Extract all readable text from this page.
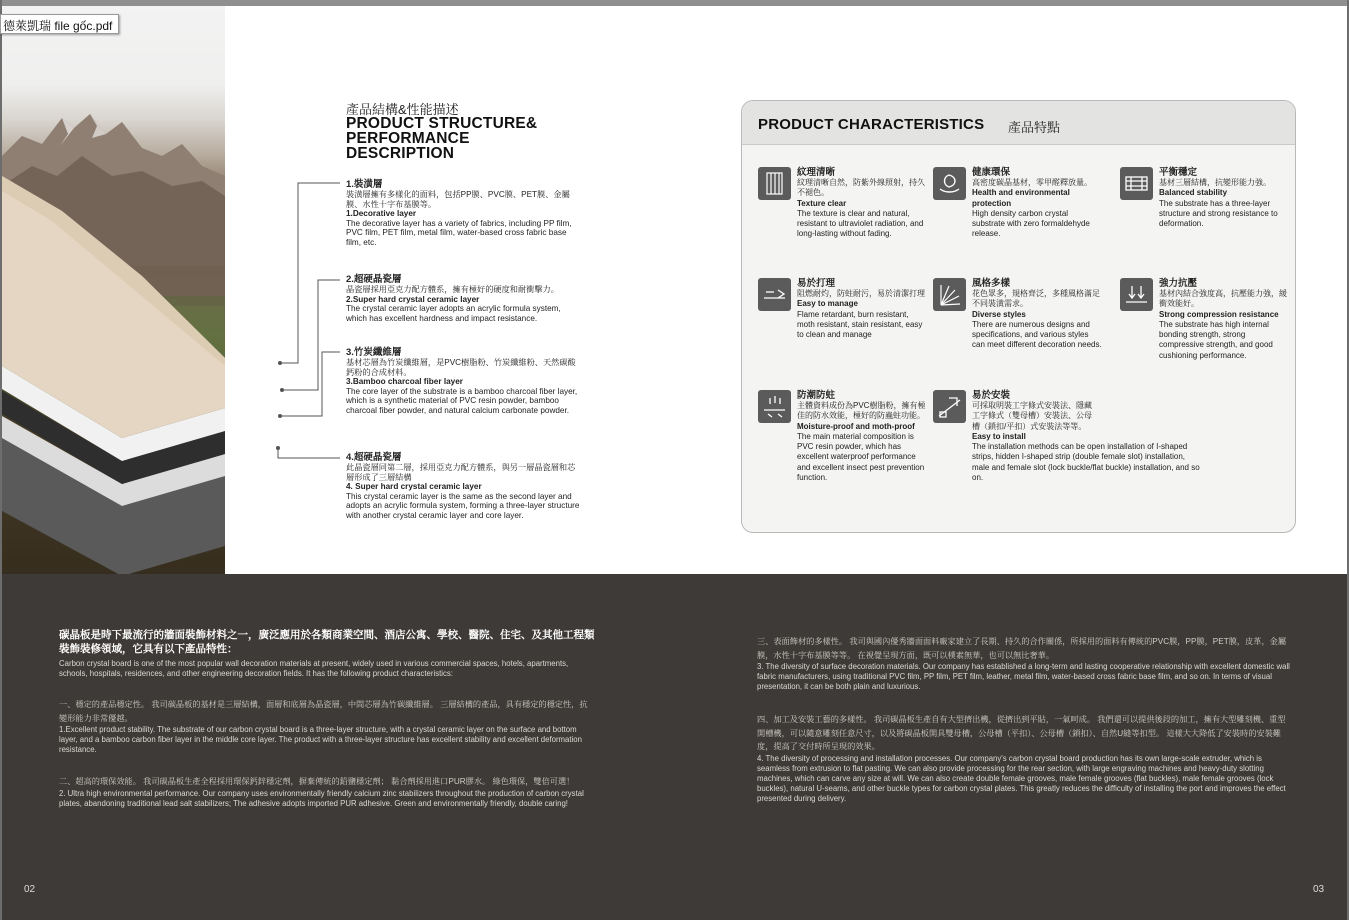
德萊凱瑞 file gốc.pdf
產品結構&性能描述
PRODUCT STRUCTURE& PERFORMANCE DESCRIPTION
1.裝潢層
裝潢層擁有多樣化的面料，包括PP膜、PVC膜、PET膜、金屬膜、水性十字布基膜等。
1.Decorative layer
The decorative layer has a variety of fabrics, including PP film, PVC film, PET film, metal film, water-based cross fabric base film, etc.
2.超硬晶瓷層
晶瓷層採用亞克力配方體系，擁有極好的硬度和耐衝擊力。
2.Super hard crystal ceramic layer
The crystal ceramic layer adopts an acrylic formula system, which has excellent hardness and impact resistance.
3.竹炭纖維層
基材芯層為竹炭纖維層，是PVC樹脂粉、竹炭纖維粉、天然碳酸鈣粉的合成材料。
3.Bamboo charcoal fiber layer
The core layer of the substrate is a bamboo charcoal fiber layer, which is a synthetic material of PVC resin powder, bamboo charcoal fiber powder, and natural calcium carbonate powder.
4.超硬晶瓷層
此晶瓷層同第二層，採用亞克力配方體系，與另一層晶瓷層和芯層形成了三層結構
4. Super hard crystal ceramic layer
This crystal ceramic layer is the same as the second layer and adopts an acrylic formula system, forming a three-layer structure with another crystal ceramic layer and core layer.
PRODUCT CHARACTERISTICS 產品特點
紋理清晰
紋理清晰自然，防紫外線照射，持久不褪色。
Texture clear
The texture is clear and natural, resistant to ultraviolet radiation, and long-lasting without fading.
健康環保
高密度碳晶基材，零甲醛釋放量。
Health and environmental protection
High density carbon crystal substrate with zero formaldehyde release.
平衡穩定
基材三層結構，抗變形能力強。
Balanced stability
The substrate has a three-layer structure and strong resistance to deformation.
易於打理
阻燃耐灼，防蛀耐污，易於清潔打理
Easy to manage
Flame retardant, burn resistant, moth resistant, stain resistant, easy to clean and manage
風格多樣
花色眾多，規格齊泛，多種風格滿足不同裝潢需求。
Diverse styles
There are numerous designs and specifications, and various styles can meet different decoration needs.
強力抗壓
基材內結合強度高，抗壓能力強，緩衝效能好。
Strong compression resistance
The substrate has high internal bonding strength, strong compressive strength, and good cushioning performance.
防潮防蛀
主體資料成份為PVC樹脂粉，擁有極佳的防水效能，極好的防蟲蛀功能。
Moisture-proof and moth-proof
The main material composition is PVC resin powder, which has excellent waterproof performance and excellent insect pest prevention function.
易於安裝
可採取明裝工字條式安裝法、隱藏工字條式（雙母槽）安裝法、公母槽（鎖扣/平扣）式安裝法等等。
Easy to install
The installation methods can be open installation of I-shaped strips, hidden I-shaped strip (double female slot) installation, male and female slot (lock buckle/flat buckle) installation, and so on.
碳晶板是時下最流行的牆面裝飾材料之一，廣泛應用於各類商業空間、酒店公寓、學校、醫院、住宅、及其他工程類裝飾裝修領域，它具有以下產品特性：
Carbon crystal board is one of the most popular wall decoration materials at present, widely used in various commercial spaces, hotels, apartments, schools, hospitals, residences, and other engineering decoration fields. It has the following product characteristics:
一、穩定的產品穩定性。 我司碳晶板的基材是三層結構，面層和底層為晶瓷層，中間芯層為竹碳纖維層。 三層結構的產品，具有穩定的穩定性，抗變形能力非常優越。
1.Excellent product stability. The substrate of our carbon crystal board is a three-layer structure, with a crystal ceramic layer on the surface and bottom layer, and a bamboo carbon fiber layer in the middle core layer. The product with a three-layer structure has excellent stability and excellent deformation resistance.
二、超高的環保效能。 我司碳晶板生產全程採用環保鈣鋅穩定劑，摒棄傳統的鉛鹽穩定劑； 黏合劑採用進口PUR膠水。 綠色環保，雙倍可選！
2. Ultra high environmental performance. Our company uses environmentally friendly calcium zinc stabilizers throughout the production of carbon crystal plates, abandoning traditional lead salt stabilizers; The adhesive adopts imported PUR adhesive. Green and environmentally friendly, double caring!
三、表面飾材的多樣性。 我司與國內優秀牆面面料廠家建立了長期、持久的合作關係，所採用的面料有傳統的PVC膜，PP膜，PET膜，皮革，金屬膜，水性十字布基膜等等。 在視覺呈現方面，既可以樸素無華，也可以無比奢華。
3. The diversity of surface decoration materials. Our company has established a long-term and lasting cooperative relationship with excellent domestic wall fabric manufacturers, using traditional PVC film, PP film, PET film, leather, metal film, water-based cross fabric base film, and so on. In terms of visual presentation, it can be both plain and luxurious.
四、加工及安裝工藝的多樣性。 我司碳晶板生產自有大型擠出機，從擠出到平貼，一氣呵成。 我們還可以提供後段的加工，擁有大型雕刻機、重型開槽機，可以隨意雕刻任意尺寸，以及將碳晶板開具雙母槽，公母槽（平扣）、公母槽（鎖扣）、自然U縫等扣型。 這樣大大降低了安裝時的安裝難度，提高了交付時所呈現的效果。
4. The diversity of processing and installation processes. Our company's carbon crystal board production has its own large-scale extruder, which is seamless from extrusion to flat pasting. We can also provide processing for the rear section, with large engraving machines and heavy-duty slotting machines, which can carve any size at will. We can also create double female grooves, male female grooves (flat buckles), male female grooves (lock buckles), natural U-seams, and other buckle types for carbon crystal plates. This greatly reduces the difficulty of installing the port and improves the effect presented during delivery.
02	03
